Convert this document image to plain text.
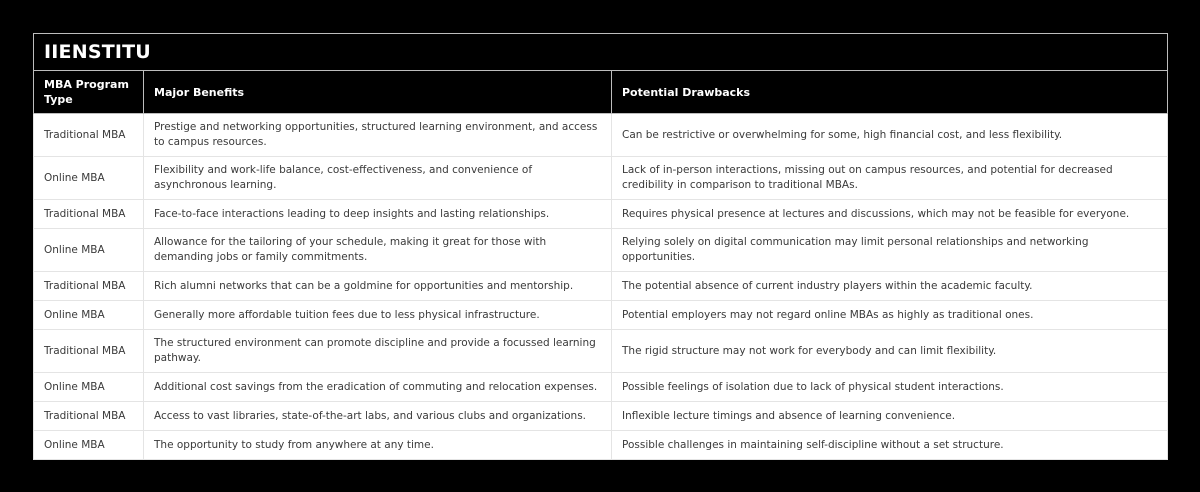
IIENSTITU		
MBA Program Type	Major Benefits	Potential Drawbacks
Traditional MBA	Prestige and networking opportunities, structured learning environment, and access to campus resources.	Can be restrictive or overwhelming for some, high financial cost, and less flexibility.
Online MBA	Flexibility and work-life balance, cost-effectiveness, and convenience of asynchronous learning.	Lack of in-person interactions, missing out on campus resources, and potential for decreased credibility in comparison to traditional MBAs.
Traditional MBA	Face-to-face interactions leading to deep insights and lasting relationships.	Requires physical presence at lectures and discussions, which may not be feasible for everyone.
Online MBA	Allowance for the tailoring of your schedule, making it great for those with demanding jobs or family commitments.	Relying solely on digital communication may limit personal relationships and networking opportunities.
Traditional MBA	Rich alumni networks that can be a goldmine for opportunities and mentorship.	The potential absence of current industry players within the academic faculty.
Online MBA	Generally more affordable tuition fees due to less physical infrastructure.	Potential employers may not regard online MBAs as highly as traditional ones.
Traditional MBA	The structured environment can promote discipline and provide a focussed learning pathway.	The rigid structure may not work for everybody and can limit flexibility.
Online MBA	Additional cost savings from the eradication of commuting and relocation expenses.	Possible feelings of isolation due to lack of physical student interactions.
Traditional MBA	Access to vast libraries, state-of-the-art labs, and various clubs and organizations.	Inflexible lecture timings and absence of learning convenience.
Online MBA	The opportunity to study from anywhere at any time.	Possible challenges in maintaining self-discipline without a set structure.
